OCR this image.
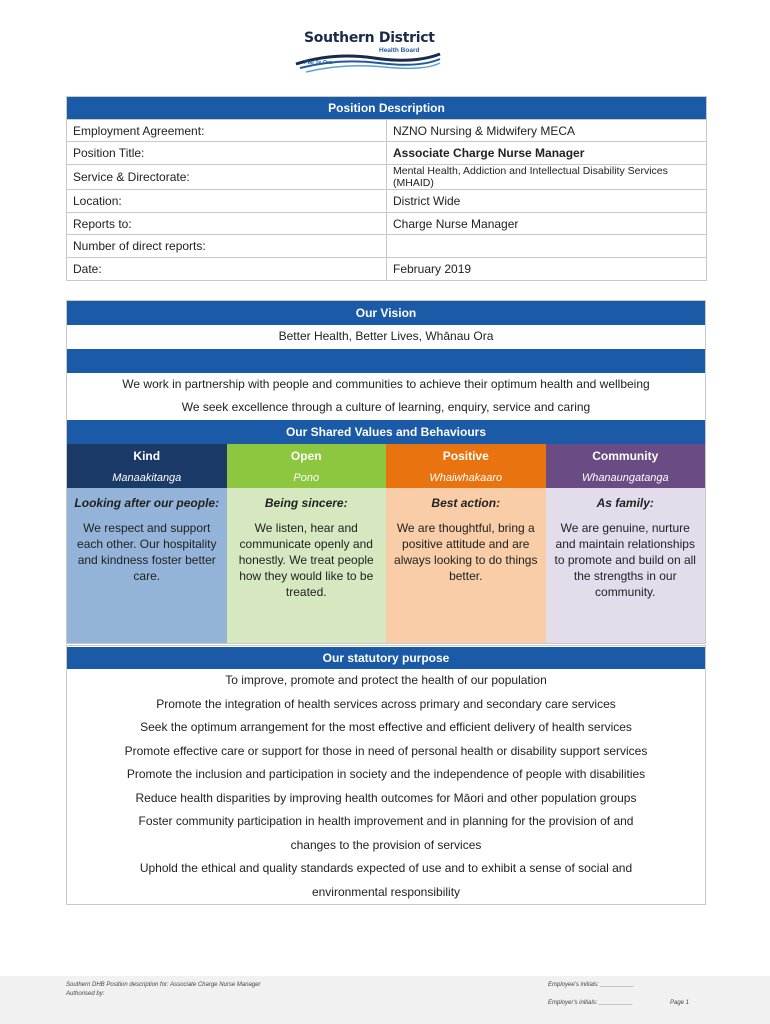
Southern District
Health Board
Piki Te Ora
Position Description	
Employment Agreement:	NZNO Nursing & Midwifery MECA
Position Title:	Associate Charge Nurse Manager
Service & Directorate:	Mental Health, Addiction and Intellectual Disability Services (MHAID)
Location:	District Wide
Reports to:	Charge Nurse Manager
Number of direct reports:	
Date:	February 2019
Our Vision
Better Health, Better Lives, Whānau Ora
We work in partnership with people and communities to achieve their optimum health and wellbeing
We seek excellence through a culture of learning, enquiry, service and caring
Our Shared Values and Behaviours
Kind
Manaakitanga
Looking after our people:
We respect and support each other. Our hospitality and kindness foster better care.
Open
Pono
Being sincere:
We listen, hear and communicate openly and honestly. We treat people how they would like to be treated.
Positive
Whaiwhakaaro
Best action:
We are thoughtful, bring a positive attitude and are always looking to do things better.
Community
Whanaungatanga
As family:
We are genuine, nurture and maintain relationships to promote and build on all the strengths in our community.
Our statutory purpose
To improve, promote and protect the health of our population
Promote the integration of health services across primary and secondary care services
Seek the optimum arrangement for the most effective and efficient delivery of health services
Promote effective care or support for those in need of personal health or disability support services
Promote the inclusion and participation in society and the independence of people with disabilities
Reduce health disparities by improving health outcomes for Māori and other population groups
Foster community participation in health improvement and in planning for the provision of and
changes to the provision of services
Uphold the ethical and quality standards expected of use and to exhibit a sense of social and
environmental responsibility
Southern DHB Position description for: Associate Charge Nurse Manager
Authorised by:
Employee's initials: __________
Employer's initials: __________	Page 1
